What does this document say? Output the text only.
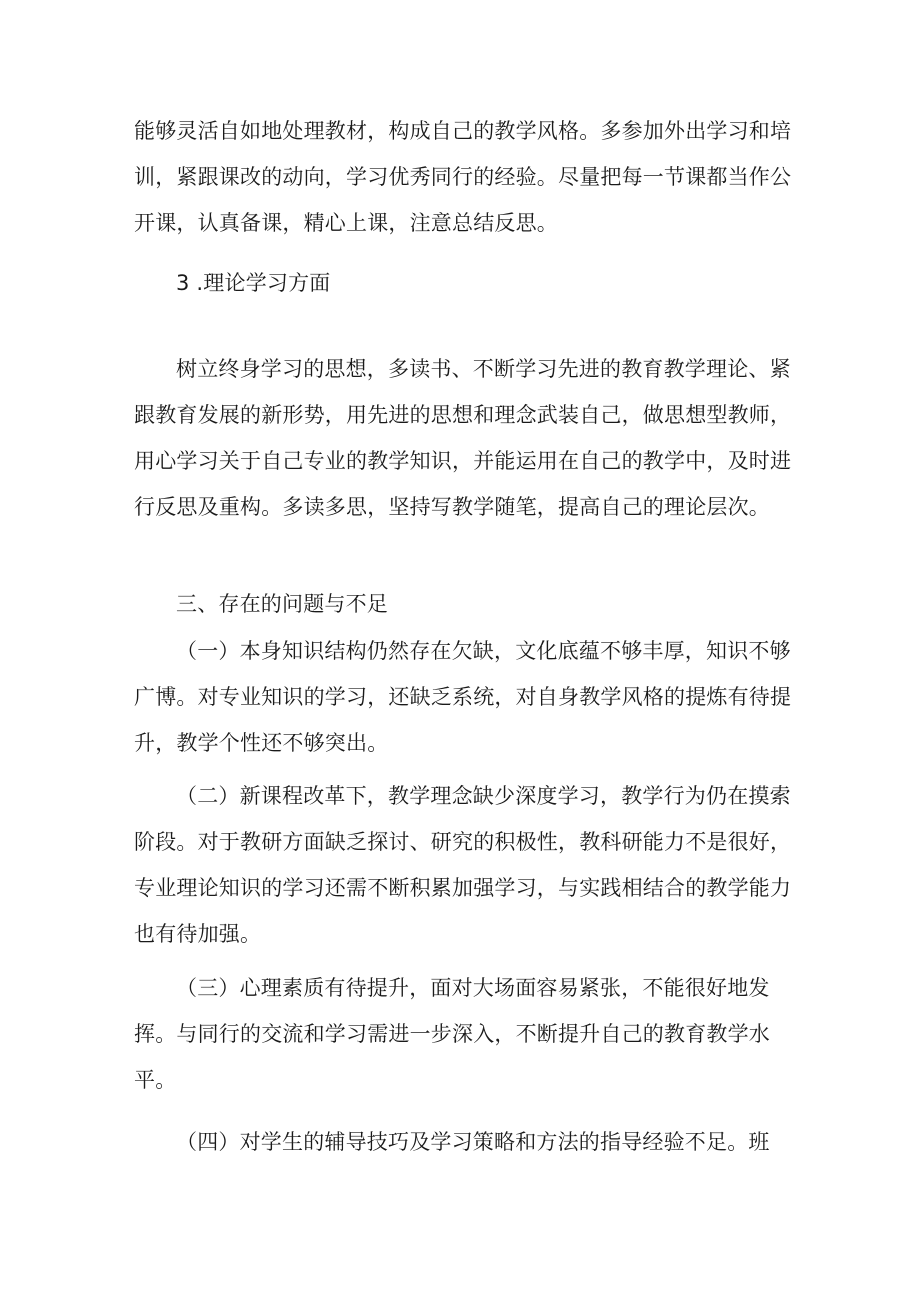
能够灵活自如地处理教材，构成自己的教学风格。多参加外出学习和培训，紧跟课改的动向，学习优秀同行的经验。尽量把每一节课都当作公开课，认真备课，精心上课，注意总结反思。

3 .理论学习方面

树立终身学习的思想，多读书、不断学习先进的教育教学理论、紧跟教育发展的新形势，用先进的思想和理念武装自己，做思想型教师，用心学习关于自己专业的教学知识，并能运用在自己的教学中，及时进行反思及重构。多读多思，坚持写教学随笔，提高自己的理论层次。

三、存在的问题与不足

（一）本身知识结构仍然存在欠缺，文化底蕴不够丰厚，知识不够广博。对专业知识的学习，还缺乏系统，对自身教学风格的提炼有待提升，教学个性还不够突出。

（二）新课程改革下，教学理念缺少深度学习，教学行为仍在摸索阶段。对于教研方面缺乏探讨、研究的积极性，教科研能力不是很好，专业理论知识的学习还需不断积累加强学习，与实践相结合的教学能力也有待加强。

（三）心理素质有待提升，面对大场面容易紧张，不能很好地发挥。与同行的交流和学习需进一步深入，不断提升自己的教育教学水平。

（四）对学生的辅导技巧及学习策略和方法的指导经验不足。班
